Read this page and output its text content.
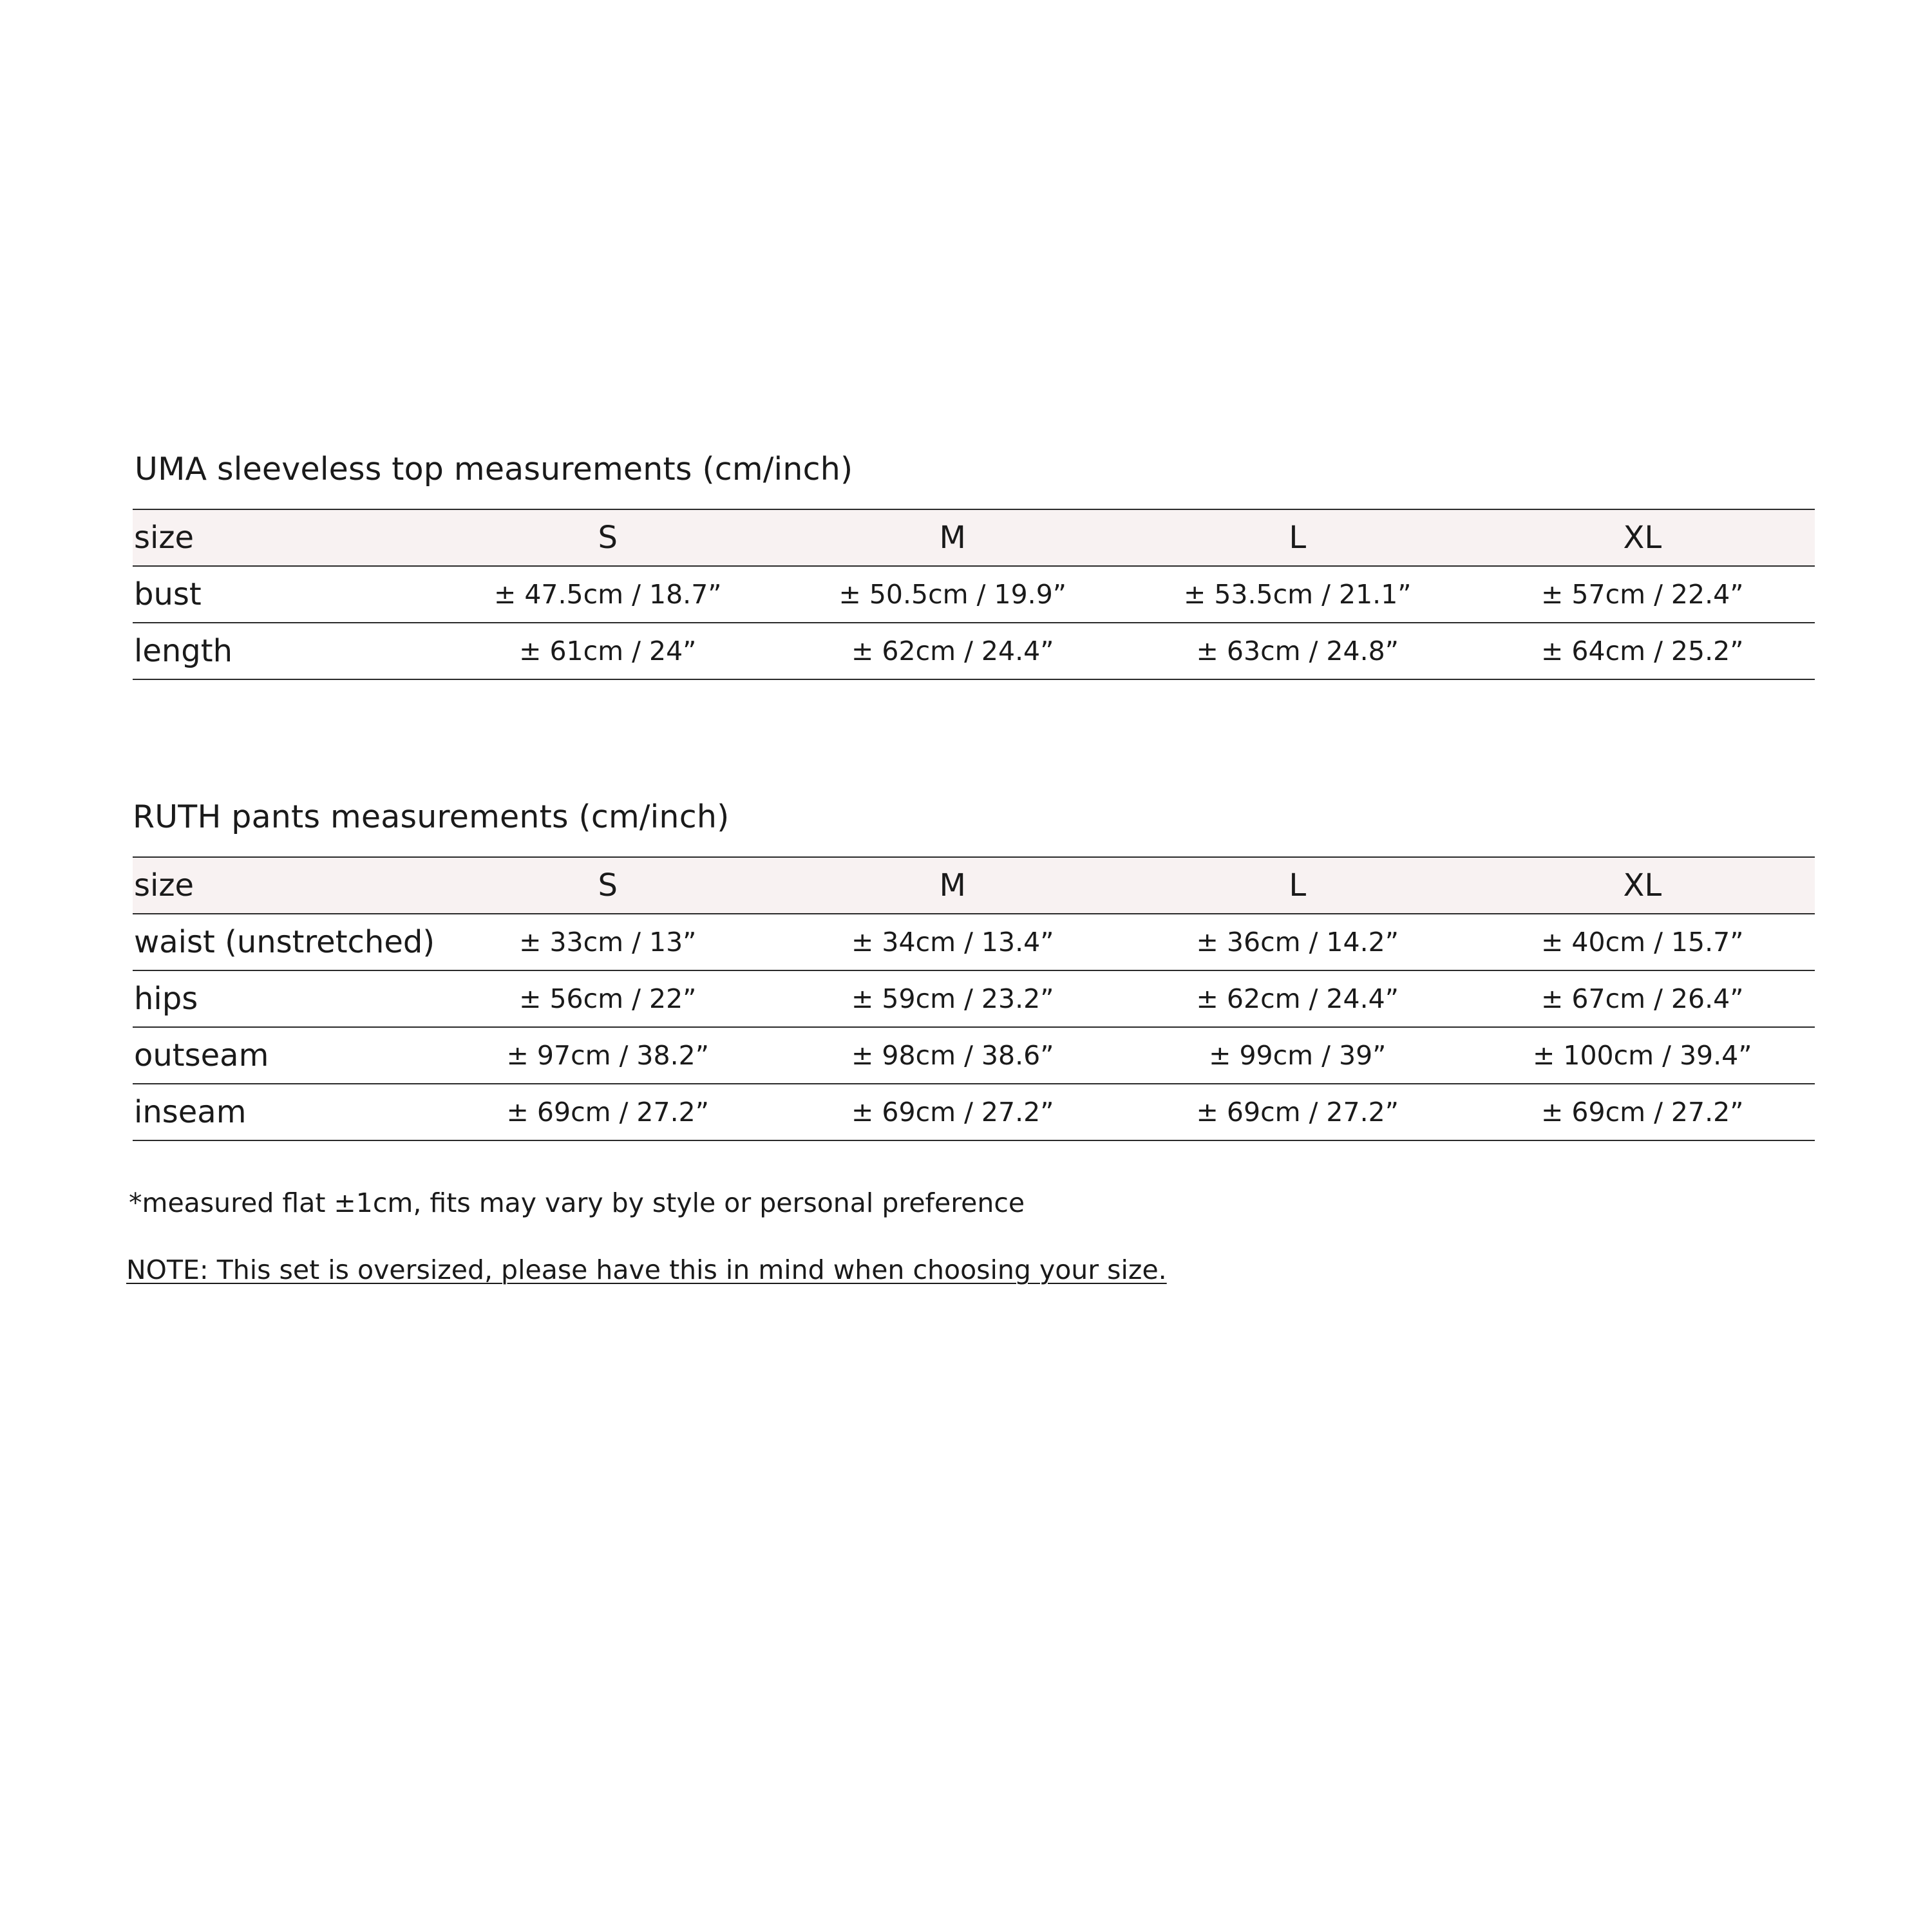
UMA sleeveless top measurements (cm/inch)
size	S	M	L	XL
bust	± 47.5cm / 18.7”	± 50.5cm / 19.9”	± 53.5cm / 21.1”	± 57cm / 22.4”
length	± 61cm / 24”	± 62cm / 24.4”	± 63cm / 24.8”	± 64cm / 25.2”
RUTH pants measurements (cm/inch)
size	S	M	L	XL
waist (unstretched)	± 33cm / 13”	± 34cm / 13.4”	± 36cm / 14.2”	± 40cm / 15.7”
hips	± 56cm / 22”	± 59cm / 23.2”	± 62cm / 24.4”	± 67cm / 26.4”
outseam	± 97cm / 38.2”	± 98cm / 38.6”	± 99cm / 39”	± 100cm / 39.4”
inseam	± 69cm / 27.2”	± 69cm / 27.2”	± 69cm / 27.2”	± 69cm / 27.2”
*measured flat ±1cm, fits may vary by style or personal preference
NOTE: This set is oversized, please have this in mind when choosing your size.
